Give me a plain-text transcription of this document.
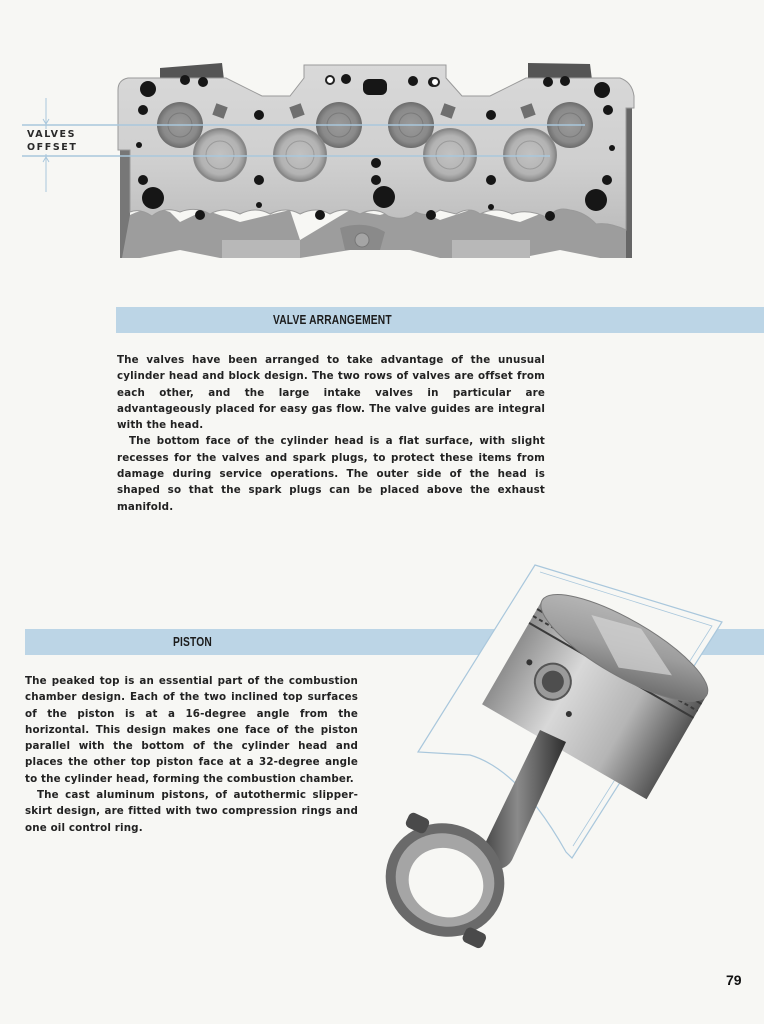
VALVES
OFFSET
VALVE ARRANGEMENT

The valves have been arranged to take advantage of the unusual cylinder head and block design. The two rows of valves are offset from each other, and the large intake valves in particular are advantageously placed for easy gas flow. The valve guides are integral with the head.

The bottom face of the cylinder head is a flat surface, with slight recesses for the valves and spark plugs, to protect these items from damage during service operations. The outer side of the head is shaped so that the spark plugs can be placed above the exhaust manifold.

PISTON

The peaked top is an essential part of the combustion chamber design. Each of the two inclined top surfaces of the piston is at a 16-degree angle from the horizontal. This design makes one face of the piston parallel with the bottom of the cylinder head and places the other top piston face at a 32-degree angle to the cylinder head, forming the combustion chamber.

The cast aluminum pistons, of autothermic slipper-skirt design, are fitted with two compression rings and one oil control ring.

79
